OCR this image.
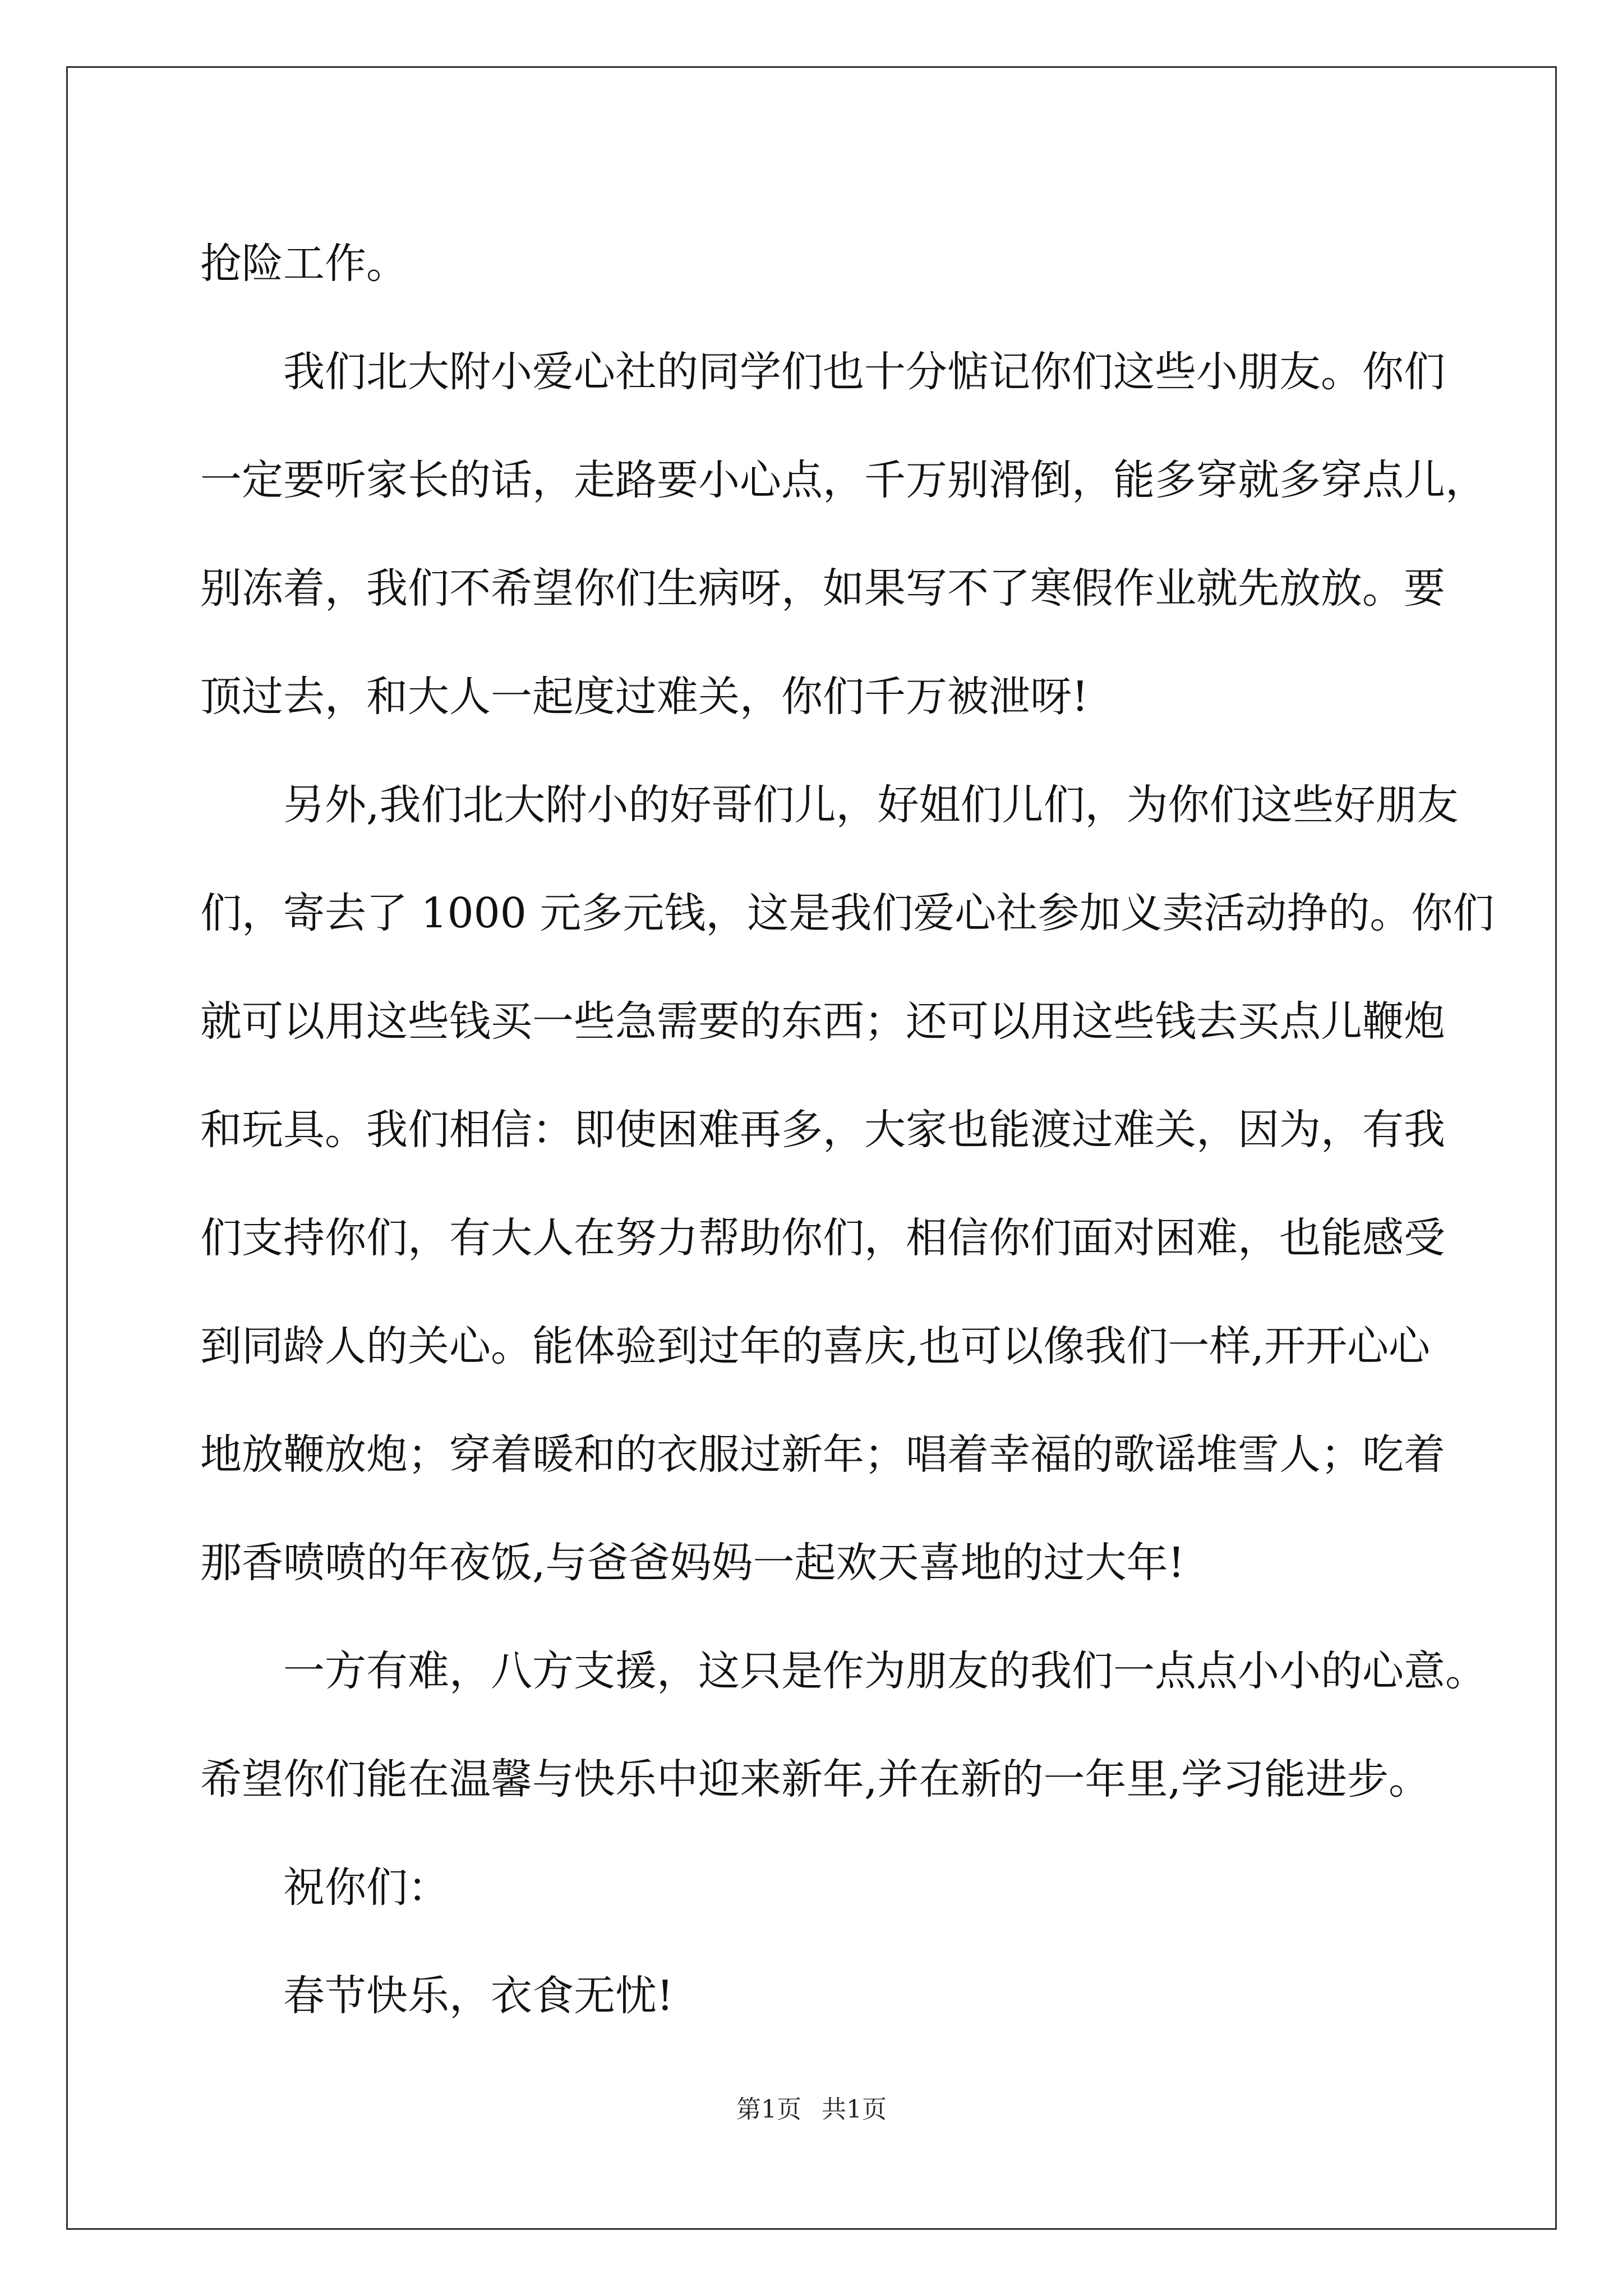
抢险工作。
我们北大附小爱心社的同学们也十分惦记你们这些小朋友。你们
一定要听家长的话，走路要小心点，千万别滑倒，能多穿就多穿点儿，
别冻着，我们不希望你们生病呀，如果写不了寒假作业就先放放。要
顶过去，和大人一起度过难关，你们千万被泄呀!
另外,我们北大附小的好哥们儿，好姐们儿们，为你们这些好朋友
们，寄去了 1000 元多元钱，这是我们爱心社参加义卖活动挣的。你们
就可以用这些钱买一些急需要的东西；还可以用这些钱去买点儿鞭炮
和玩具。我们相信：即使困难再多，大家也能渡过难关，因为，有我
们支持你们，有大人在努力帮助你们，相信你们面对困难，也能感受
到同龄人的关心。能体验到过年的喜庆,也可以像我们一样,开开心心
地放鞭放炮；穿着暖和的衣服过新年；唱着幸福的歌谣堆雪人；吃着
那香喷喷的年夜饭,与爸爸妈妈一起欢天喜地的过大年!
一方有难，八方支援，这只是作为朋友的我们一点点小小的心意。
希望你们能在温馨与快乐中迎来新年,并在新的一年里,学习能进步。
祝你们：
春节快乐，衣食无忧!
第1页 共1页
